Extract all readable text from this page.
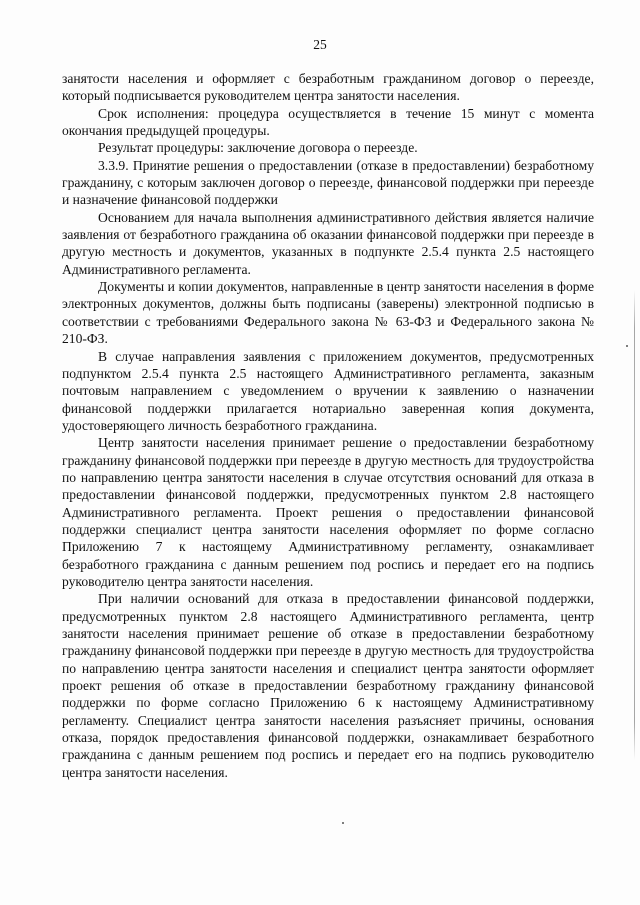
25

занятости населения и оформляет с безработным гражданином договор о переезде, который подписывается руководителем центра занятости населения.

Срок исполнения: процедура осуществляется в течение 15 минут с момента окончания предыдущей процедуры.

Результат процедуры: заключение договора о переезде.

3.3.9. Принятие решения о предоставлении (отказе в предоставлении) безработному гражданину, с которым заключен договор о переезде, финансовой поддержки при переезде и назначение финансовой поддержки

Основанием для начала выполнения административного действия является наличие заявления от безработного гражданина об оказании финансовой поддержки при переезде в другую местность и документов, указанных в подпункте 2.5.4 пункта 2.5 настоящего Административного регламента.

Документы и копии документов, направленные в центр занятости населения в форме электронных документов, должны быть подписаны (заверены) электронной подписью в соответствии с требованиями Федерального закона № 63-ФЗ и Федерального закона № 210-ФЗ.

В случае направления заявления с приложением документов, предусмотренных подпунктом 2.5.4 пункта 2.5 настоящего Административного регламента, заказным почтовым направлением с уведомлением о вручении к заявлению о назначении финансовой поддержки прилагается нотариально заверенная копия документа, удостоверяющего личность безработного гражданина.

Центр занятости населения принимает решение о предоставлении безработному гражданину финансовой поддержки при переезде в другую местность для трудоустройства по направлению центра занятости населения в случае отсутствия оснований для отказа в предоставлении финансовой поддержки, предусмотренных пунктом 2.8 настоящего Административного регламента. Проект решения о предоставлении финансовой поддержки специалист центра занятости населения оформляет по форме согласно Приложению 7 к настоящему Административному регламенту, ознакамливает безработного гражданина с данным решением под роспись и передает его на подпись руководителю центра занятости населения.

При наличии оснований для отказа в предоставлении финансовой поддержки, предусмотренных пунктом 2.8 настоящего Административного регламента, центр занятости населения принимает решение об отказе в предоставлении безработному гражданину финансовой поддержки при переезде в другую местность для трудоустройства по направлению центра занятости населения и специалист центра занятости оформляет проект решения об отказе в предоставлении безработному гражданину финансовой поддержки по форме согласно Приложению 6 к настоящему Административному регламенту. Специалист центра занятости населения разъясняет причины, основания отказа, порядок предоставления финансовой поддержки, ознакамливает безработного гражданина с данным решением под роспись и передает его на подпись руководителю центра занятости населения.
